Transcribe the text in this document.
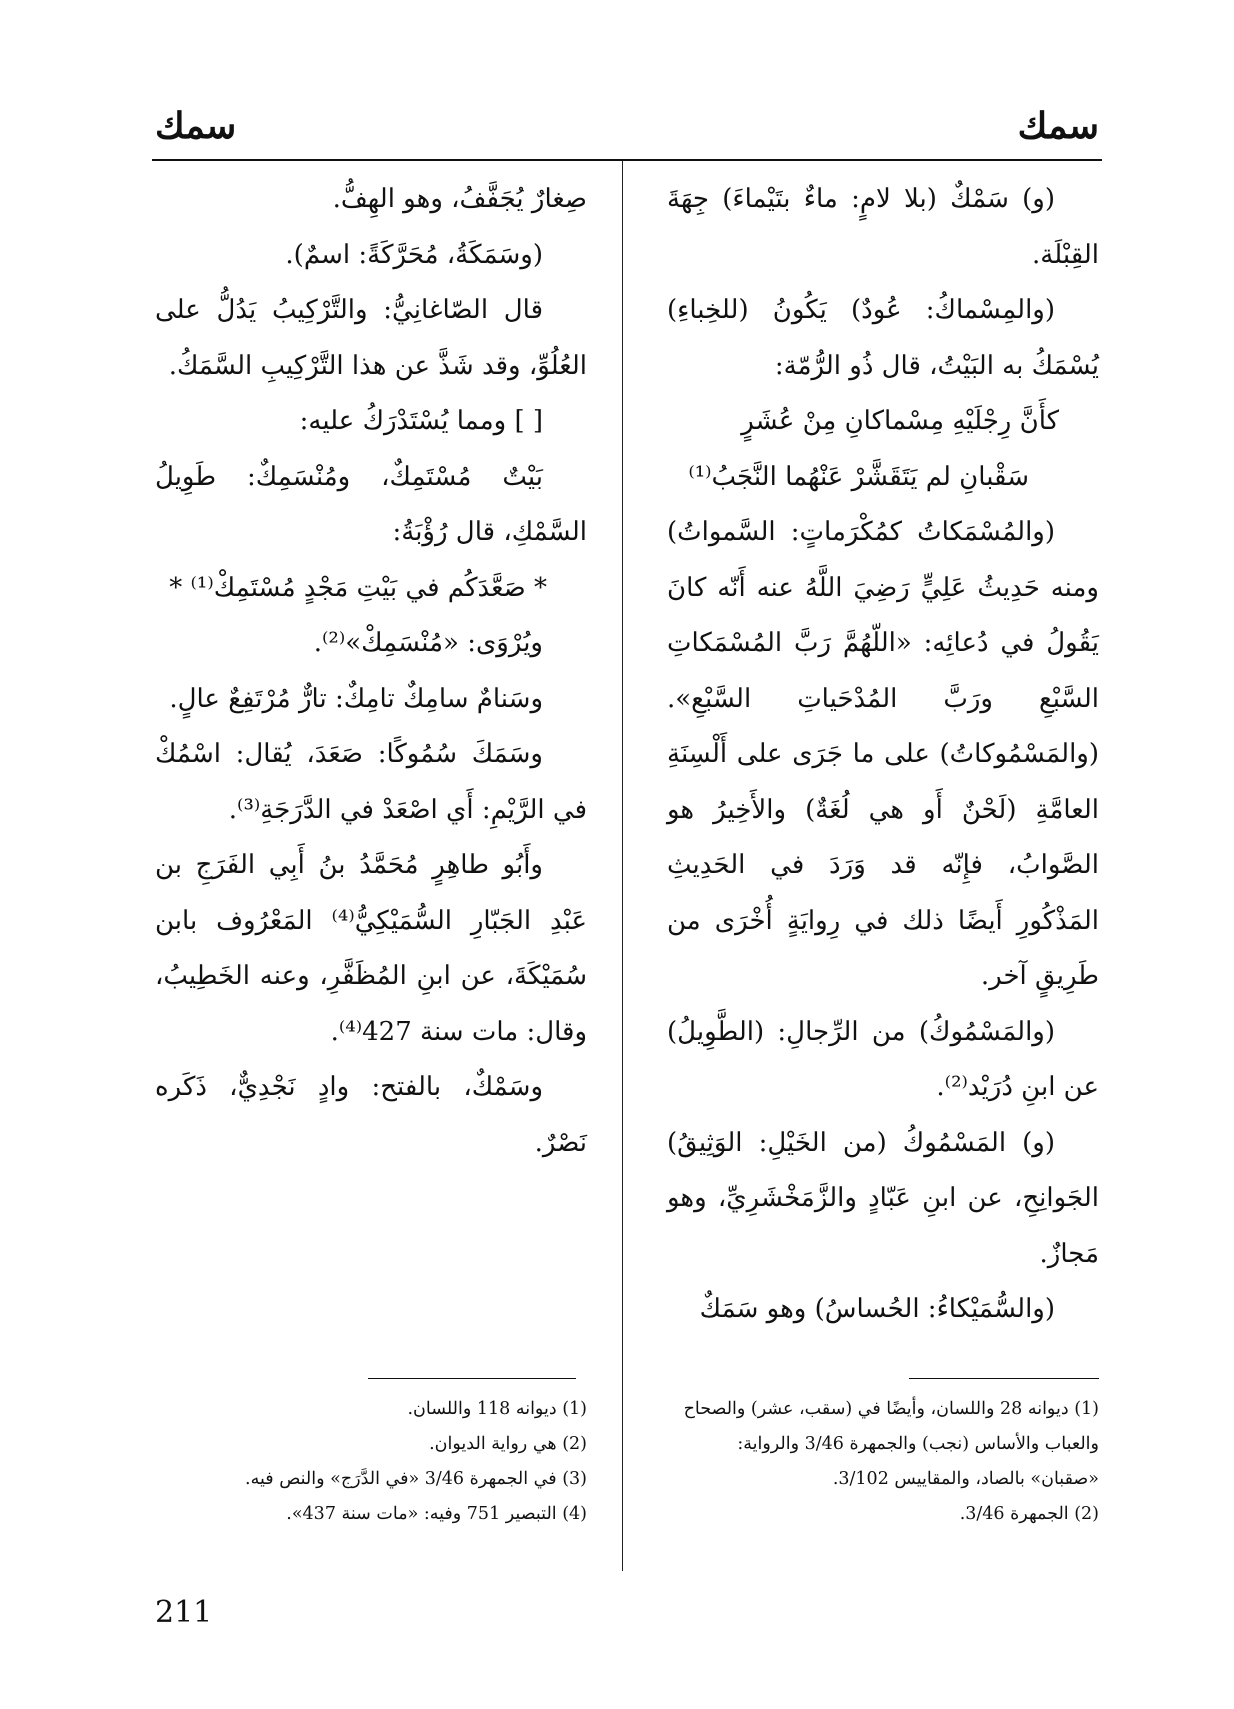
سمك
سمك

(و) سَمْكٌ (بلا لامٍ: ماءٌ بتَيْماءَ) جِهَةَ القِبْلَة.

(والمِسْماكُ: عُودٌ) يَكُونُ (للخِباءِ) يُسْمَكُ به البَيْتُ، قال ذُو الرُّمّة:

كأَنَّ رِجْلَيْهِ مِسْماكانِ مِنْ عُشَرٍ

سَقْبانِ لم يَتَقَشَّرْ عَنْهُما النَّجَبُ⁽¹⁾

(والمُسْمَكاتُ كمُكْرَماتٍ: السَّمواتُ) ومنه حَدِيثُ عَلِيٍّ رَضِيَ اللَّهُ عنه أَنّه كانَ يَقُولُ في دُعائِه: «اللّهُمَّ رَبَّ المُسْمَكاتِ السَّبْعِ ورَبَّ المُدْحَياتِ السَّبْعِ». (والمَسْمُوكاتُ) على ما جَرَى على أَلْسِنَةِ العامَّةِ (لَحْنٌ أَو هي لُغَةٌ) والأَخِيرُ هو الصَّوابُ، فإِنّه قد وَرَدَ في الحَدِيثِ المَذْكُورِ أَيضًا ذلك في رِوايَةٍ أُخْرَى من طَرِيقٍ آخر.

(والمَسْمُوكُ) من الرِّجالِ: (الطَّوِيلُ) عن ابنِ دُرَيْد⁽²⁾.

(و) المَسْمُوكُ (من الخَيْلِ: الوَثِيقُ) الجَوانِحِ، عن ابنِ عَبّادٍ والزَّمَخْشَرِيِّ، وهو مَجازٌ.

(والسُّمَيْكاءُ: الحُساسُ) وهو سَمَكٌ

صِغارٌ يُجَفَّفُ، وهو الهِفُّ.

(وسَمَكَةُ، مُحَرَّكَةً: اسمٌ).

قال الصّاغانِيُّ: والتَّرْكِيبُ يَدُلُّ على العُلُوِّ، وقد شَذَّ عن هذا التَّرْكِيبِ السَّمَكُ.

[ ] ومما يُسْتَدْرَكُ عليه:

بَيْتٌ مُسْتَمِكٌ، ومُنْسَمِكٌ: طَوِيلُ السَّمْكِ، قال رُؤْبَةُ:

* صَعَّدَكُم في بَيْتِ مَجْدٍ مُسْتَمِكْ⁽¹⁾ *

ويُرْوَى: «مُنْسَمِكْ»⁽²⁾.

وسَنامٌ سامِكٌ تامِكٌ: تارٌّ مُرْتَفِعٌ عالٍ.

وسَمَكَ سُمُوكًا: صَعَدَ، يُقال: اسْمُكْ في الرَّيْمِ: أَي اصْعَدْ في الدَّرَجَةِ⁽³⁾.

وأَبُو طاهِرٍ مُحَمَّدُ بنُ أَبِي الفَرَجِ بن عَبْدِ الجَبّارِ السُّمَيْكِيُّ⁽⁴⁾ المَعْرُوف بابن سُمَيْكَةَ، عن ابنِ المُظَفَّرِ، وعنه الخَطِيبُ، وقال: مات سنة 427⁽⁴⁾.

وسَمْكٌ، بالفتح: وادٍ نَجْدِيٌّ، ذَكَره نَصْرٌ.

(1) ديوانه 28 واللسان، وأيضًا في (سقب، عشر) والصحاح والعباب والأساس (نجب) والجمهرة 3/46 والرواية: «صقبان» بالصاد، والمقاييس 3/102.

(2) الجمهرة 3/46.

(1) ديوانه 118 واللسان.

(2) هي رواية الديوان.

(3) في الجمهرة 3/46 «في الدَّرَج» والنص فيه.

(4) التبصير 751 وفيه: «مات سنة 437».

211
